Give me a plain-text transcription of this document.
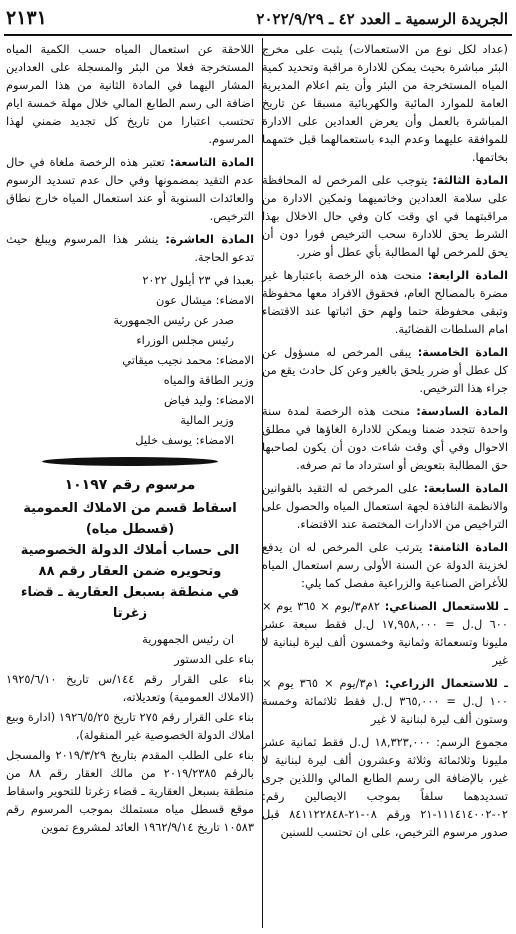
الجريدة الرسمية ـ العدد ٤٢ ـ ٢٠٢٢/٩/٢٩
٢١٣١

(عداد لكل نوع من الاستعمالات) يثبت على مخرج البئر مباشرة بحيث يمكن للادارة مراقبة وتحديد كمية المياه المستخرجة من البئر وأن يتم اعلام المديرية العامة للموارد المائية والكهربائية مسبقا عن تاريخ المباشرة بالعمل وأن يعرض العدادين على الادارة للموافقة عليهما وعدم البدء باستعمالهما قبل ختمهما بخاتمها.

المادة الثالثة: يتوجب على المرخص له المحافظة على سلامة العدادين وخاتميهما وتمكين الادارة من مراقبتهما في اي وقت كان وفي حال الاخلال بهذا الشرط يحق للادارة سحب الترخيص فورا دون أن يحق للمرخص لها المطالبة بأي عطل أو ضرر.

المادة الرابعة: منحت هذه الرخصة باعتبارها غير مضرة بالمصالح العام، فحقوق الافراد معها محفوظة وتبقى محفوظة حتما ولهم حق اثباتها عند الاقتضاء امام السلطات القضائية.

المادة الخامسة: يبقى المرخص له مسؤول عن كل عطل أو ضرر يلحق بالغير وعن كل حادث يقع من جراء هذا الترخيص.

المادة السادسة: منحت هذه الرخصة لمدة سنة واحدة تتجدد ضمنا ويمكن للادارة الغاؤها في مطلق الاحوال وفي أي وقت شاءت دون أن يكون لصاحبها حق المطالبة بتعويض أو استرداد ما تم صرفه.

المادة السابعة: على المرخص له التقيد بالقوانين والانظمة النافذة لجهة استعمال المياه والحصول على التراخيص من الادارات المختصة عند الاقتضاء.

المادة الثامنة: يترتب على المرخص له ان يدفع لخزينة الدولة عن السنة الأولى رسم استعمال المياه للأغراض الصناعية والزراعية مفصل كما يلي:

ـ للاستعمال الصناعي: ٨٢م٣/يوم × ٣٦٥ يوم × ٦٠٠ ل.ل = ١٧,٩٥٨,٠٠٠ ل.ل فقط سبعة عشر مليونا وتسعمائة وثمانية وخمسون ألف ليرة لبنانية لا غير

ـ للاستعمال الزراعي: ١م٣/يوم × ٣٦٥ يوم × ١٠٠ ل.ل = ٣٦٥,٠٠٠ ل.ل فقط ثلاثمائة وخمسة وستون ألف ليرة لبنانية لا غير

مجموع الرسم: ١٨,٣٢٣,٠٠٠ ل.ل فقط ثمانية عشر مليونا وثلاثمائة وثلاثة وعشرون ألف ليرة لبنانية لا غير، بالإضافة الى رسم الطابع المالي واللذين جرى تسديدهما سلفاً بموجب الايصالين رقم: ٠٢-١١١٤١٤٠٠٢-٢١ ورقم ٠٨-٢١-٨٤١١٢٢٨٤٨ قبل صدور مرسوم الترخيص، على ان تحتسب للسنين

اللاحقة عن استعمال المياه حسب الكمية المياه المستخرجة فعلا من البئر والمسجلة على العدادين المشار اليهما في المادة الثانية من هذا المرسوم اضافة الى رسم الطابع المالي خلال مهلة خمسة ايام تحتسب اعتبارا من تاريخ كل تجديد ضمني لهذا المرسوم.

المادة التاسعة: تعتبر هذه الرخصة ملغاة في حال عدم التقيد بمضمونها وفي حال عدم تسديد الرسوم والعائدات السنوية أو عند استعمال المياه خارج نطاق الترخيص.

المادة العاشرة: ينشر هذا المرسوم ويبلغ حيث تدعو الحاجة.

بعبدا في ٢٣ أيلول ٢٠٢٢

الامضاء: ميشال عون

صدر عن رئيس الجمهورية

رئيس مجلس الوزراء

الامضاء: محمد نجيب ميقاتي

وزير الطاقة والمياه

الامضاء: وليد فياض

وزير المالية

الامضاء: يوسف خليل

مرسوم رقم ١٠١٩٧

اسقاط قسم من الاملاك العمومية
(قسطل مياه)
الى حساب أملاك الدولة الخصوصية
وتحويره ضمن العقار رقم ٨٨
في منطقة بسبعل العقارية ـ قضاء زغرتا

ان رئيس الجمهورية

بناء على الدستور

بناء على القرار رقم ١٤٤/س تاريخ ١٩٢٥/٦/١٠ (الاملاك العمومية) وتعديلاته،

بناء على القرار رقم ٢٧٥ تاريخ ١٩٢٦/٥/٢٥ (ادارة وبيع املاك الدولة الخصوصية غير المنقولة)،

بناء على الطلب المقدم بتاريخ ٢٠١٩/٣/٢٩ والمسجل بالرقم ٢٠١٩/٢٣٨٥ من مالك العقار رقم ٨٨ من منطقة بسبعل العقارية ـ قضاء زغرتا للتحوير واسقاط موقع قسطل مياه مستملك بموجب المرسوم رقم ١٠٥٨٣ تاريخ ١٩٦٢/٩/١٤ العائد لمشروع تموين
